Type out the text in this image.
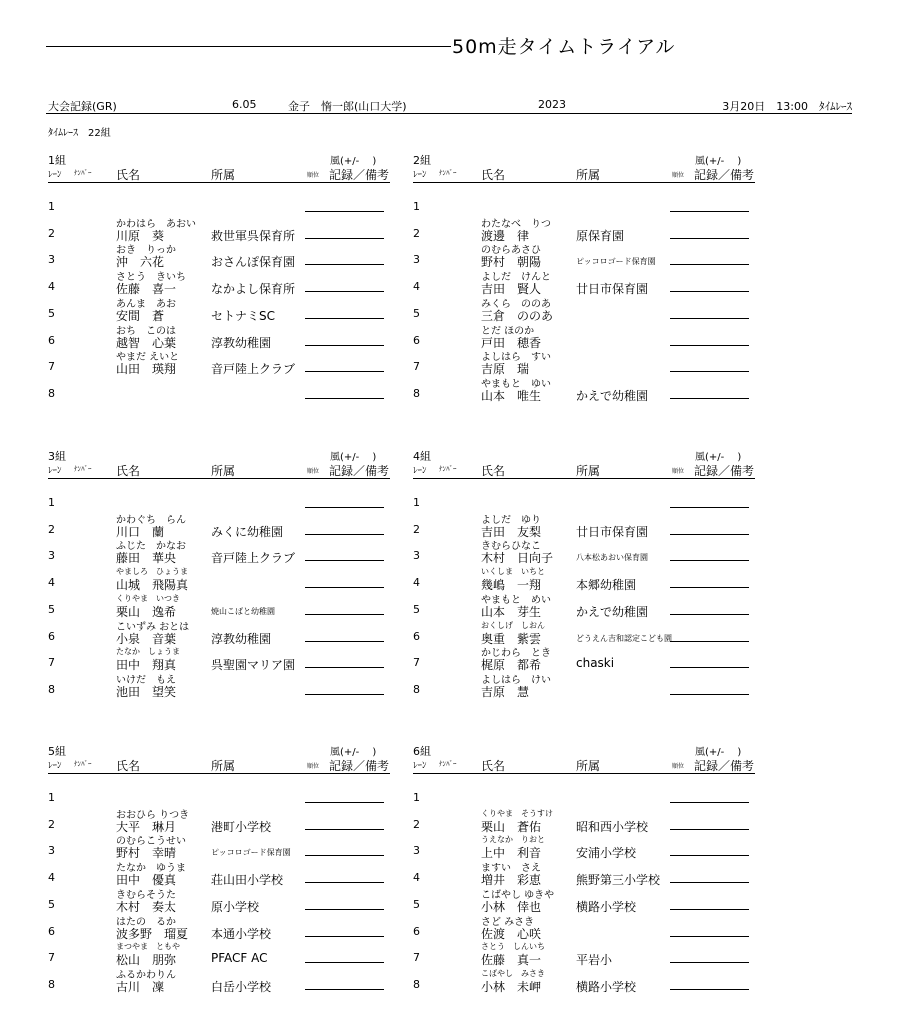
50m走タイムトライアル
大会記録(GR)	6.05	金子　惰一郎(山口大学)	2023	3月20日　13:00　ﾀｲﾑﾚｰｽ
ﾀｲﾑﾚｰｽ　22組
1組	風(+/-　 )
ﾚｰﾝ ﾅﾝﾊﾞｰ 氏名	所属	順位 記録／備考
1
2
かわはら　あおい
川原　葵	救世軍呉保育所
3
おき　りっか
沖　六花	おさんぽ保育園
4
さとう　きいち
佐藤　喜一	なかよし保育所
5
あんま　あお
安間　蒼	セトナミSC
6
おち　このは
越智　心葉	淳教幼稚園
7
やまだ えいと
山田　瑛翔	音戸陸上クラブ
8
2組	風(+/-　 )
ﾚｰﾝ ﾅﾝﾊﾞｰ 氏名	所属	順位 記録／備考
1
2
わたなべ　りつ
渡邊　律	原保育園
3
のむらあさひ
野村　朝陽	ピッコロゴード保育園
4
よしだ　けんと
吉田　賢人	廿日市保育園
5
みくら　ののあ
三倉　ののあ
6
とだ ほのか
戸田　穂香
7
よしはら　すい
吉原　瑞
8
やまもと　ゆい
山本　唯生	かえで幼稚園
3組	風(+/-　 )
ﾚｰﾝ ﾅﾝﾊﾞｰ 氏名	所属	順位 記録／備考
1
2
かわぐち　らん
川口　蘭	みくに幼稚園
3
ふじた　かなお
藤田　華央	音戸陸上クラブ
4
やましろ　ひょうま
山城　飛陽真
5
くりやま　いつき
栗山　逸希	焼山こばと幼稚園
6
こいずみ おとは
小泉　音葉	淳教幼稚園
7
たなか　しょうま
田中　翔真	呉聖園マリア園
8
いけだ　もえ
池田　望笑
4組	風(+/-　 )
ﾚｰﾝ ﾅﾝﾊﾞｰ 氏名	所属	順位 記録／備考
1
2
よしだ　ゆり
吉田　友梨	廿日市保育園
3
きむらひなこ
木村　日向子	八本松あおい保育園
4
いくしま　いちと
幾嶋　一翔	本郷幼稚園
5
やまもと　めい
山本　芽生	かえで幼稚園
6
おくしげ　しおん
奥重　紫雲	どうえん吉和認定こども園
7
かじわら　とき
梶原　都希	chaski
8
よしはら　けい
吉原　慧
5組	風(+/-　 )
ﾚｰﾝ ﾅﾝﾊﾞｰ 氏名	所属	順位 記録／備考
1
2
おおひら りつき
大平　琳月	港町小学校
3
のむらこうせい
野村　幸晴	ピッコロゴード保育園
4
たなか　ゆうま
田中　優真	荘山田小学校
5
きむらそうた
木村　奏太	原小学校
6
はたの　るか
波多野　瑠夏 本通小学校
7
まつやま　ともや
松山　朋弥	PFACF AC
8
ふるかわりん
古川　凜	白岳小学校
6組	風(+/-　 )
ﾚｰﾝ ﾅﾝﾊﾞｰ 氏名	所属	順位 記録／備考
1
2
くりやま　そうすけ
栗山　蒼佑	昭和西小学校
3
うえなか　りおと
上中　利音	安浦小学校
4
ますい　さえ
増井　彩恵	熊野第三小学校
5
こばやし ゆきや
小林　倖也	横路小学校
6
さど みさき
佐渡　心咲
7
さとう　しんいち
佐藤　真一	平岩小
8
こばやし　みさき
小林　未岬	横路小学校
